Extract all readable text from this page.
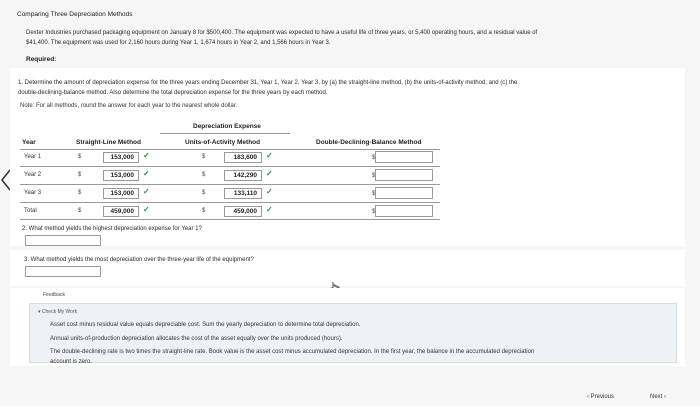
Comparing Three Depreciation Methods
Dexter Industries purchased packaging equipment on January 8 for $500,400. The equipment was expected to have a useful life of three years, or 5,400 operating hours, and a residual value of
$41,400. The equipment was used for 2,160 hours during Year 1, 1,674 hours in Year 2, and 1,566 hours in Year 3.
Required:
1. Determine the amount of depreciation expense for the three years ending December 31, Year 1, Year 2, Year 3, by (a) the straight-line method, (b) the units-of-activity method, and (c) the
double-declining-balance method. Also determine the total depreciation expense for the three years by each method.
Note: For all methods, round the answer for each year to the nearest whole dollar.
Depreciation Expense
Year	Straight-Line Method	Units-of-Activity Method	Double-Declining-Balance Method
Year 1	$	153,000	✓	$	183,600	✓	$
Year 2	$	153,000	✓	$	142,290	✓	$
Year 3	$	153,000	✓	$	133,110	✓	$
Total	$	459,000	✓	$	459,000	✓	$
2. What method yields the highest depreciation expense for Year 1?
3. What method yields the most depreciation over the three-year life of the equipment?
Feedback
▾ Check My Work
Asset cost minus residual value equals depreciable cost. Sum the yearly depreciation to determine total depreciation.
Annual units-of-production depreciation allocates the cost of the asset equally over the units produced (hours).
The double-declining rate is two times the straight-line rate. Book value is the asset cost minus accumulated depreciation. In the first year, the balance in the accumulated depreciation
account is zero.
‹ Previous	Next ›
